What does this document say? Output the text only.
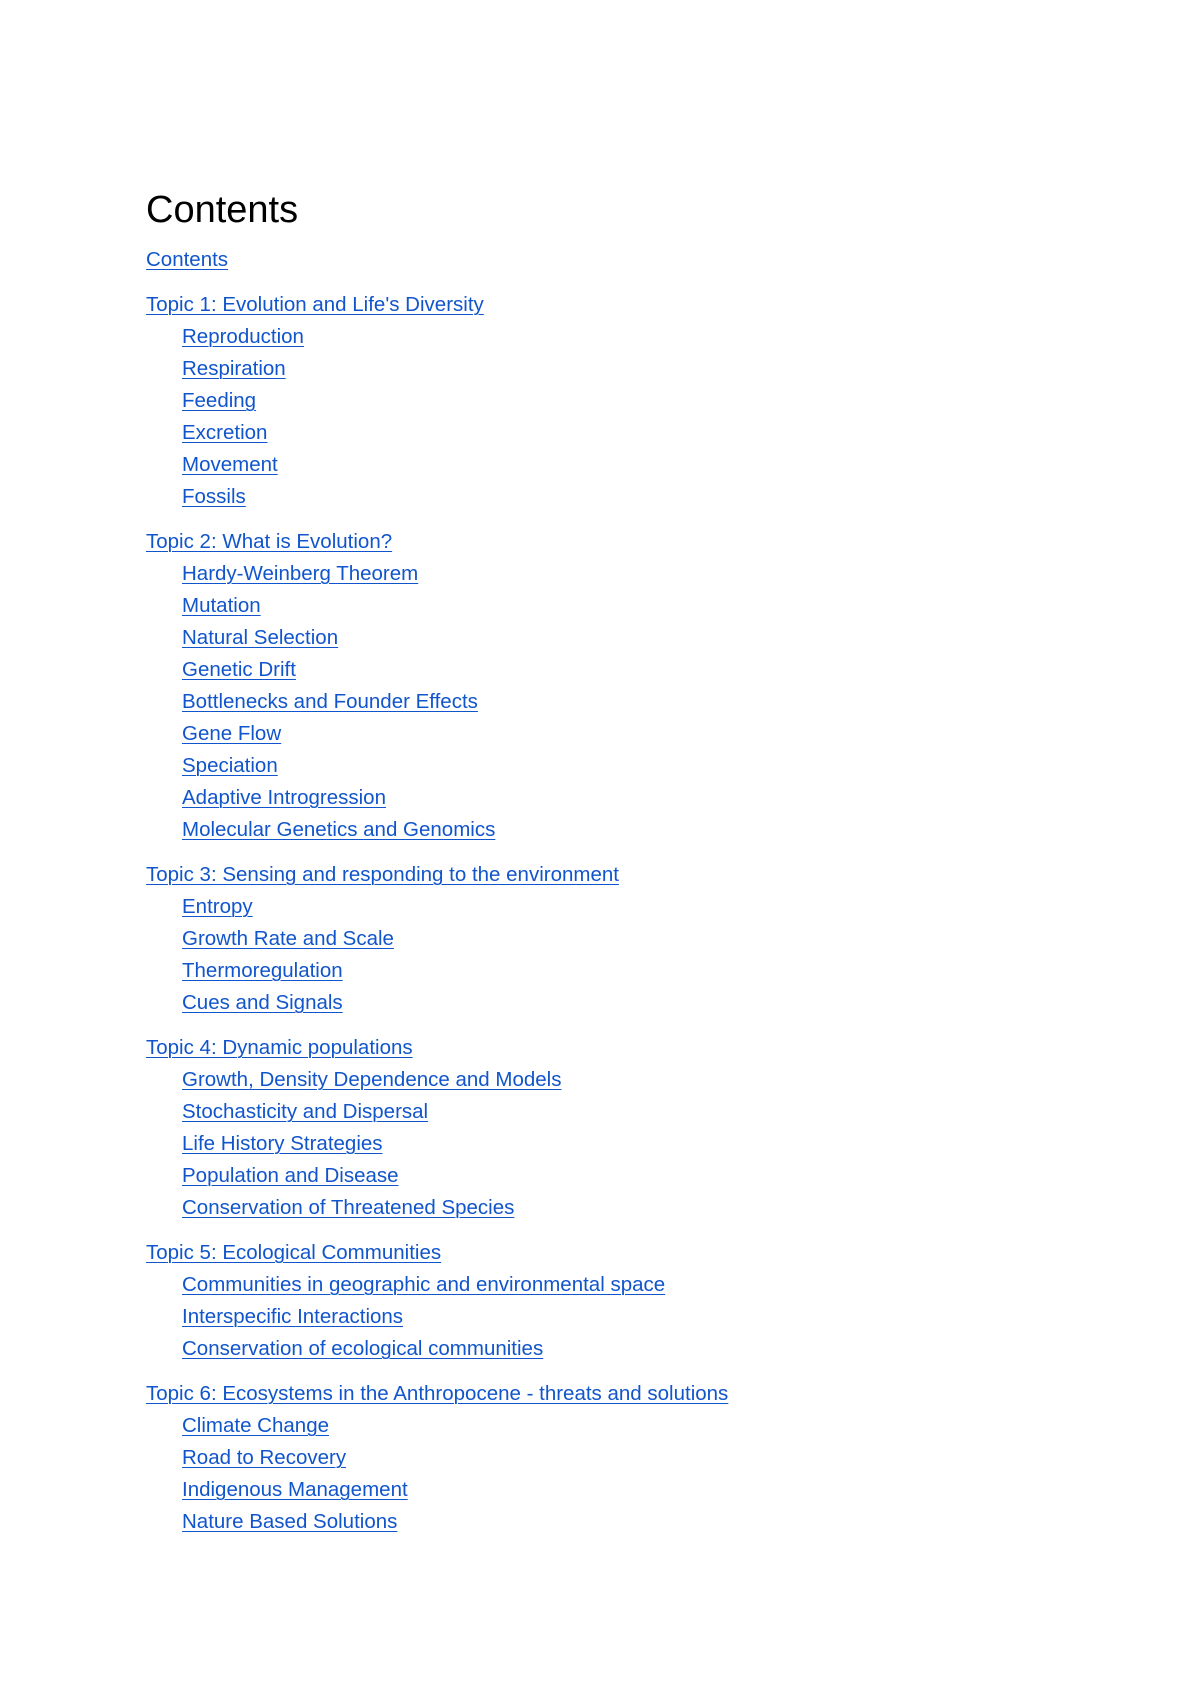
Contents
Contents
Topic 1: Evolution and Life's Diversity
Reproduction
Respiration
Feeding
Excretion
Movement
Fossils
Topic 2: What is Evolution?
Hardy-Weinberg Theorem
Mutation
Natural Selection
Genetic Drift
Bottlenecks and Founder Effects
Gene Flow
Speciation
Adaptive Introgression
Molecular Genetics and Genomics
Topic 3: Sensing and responding to the environment
Entropy
Growth Rate and Scale
Thermoregulation
Cues and Signals
Topic 4: Dynamic populations
Growth, Density Dependence and Models
Stochasticity and Dispersal
Life History Strategies
Population and Disease
Conservation of Threatened Species
Topic 5: Ecological Communities
Communities in geographic and environmental space
Interspecific Interactions
Conservation of ecological communities
Topic 6: Ecosystems in the Anthropocene - threats and solutions
Climate Change
Road to Recovery
Indigenous Management
Nature Based Solutions
